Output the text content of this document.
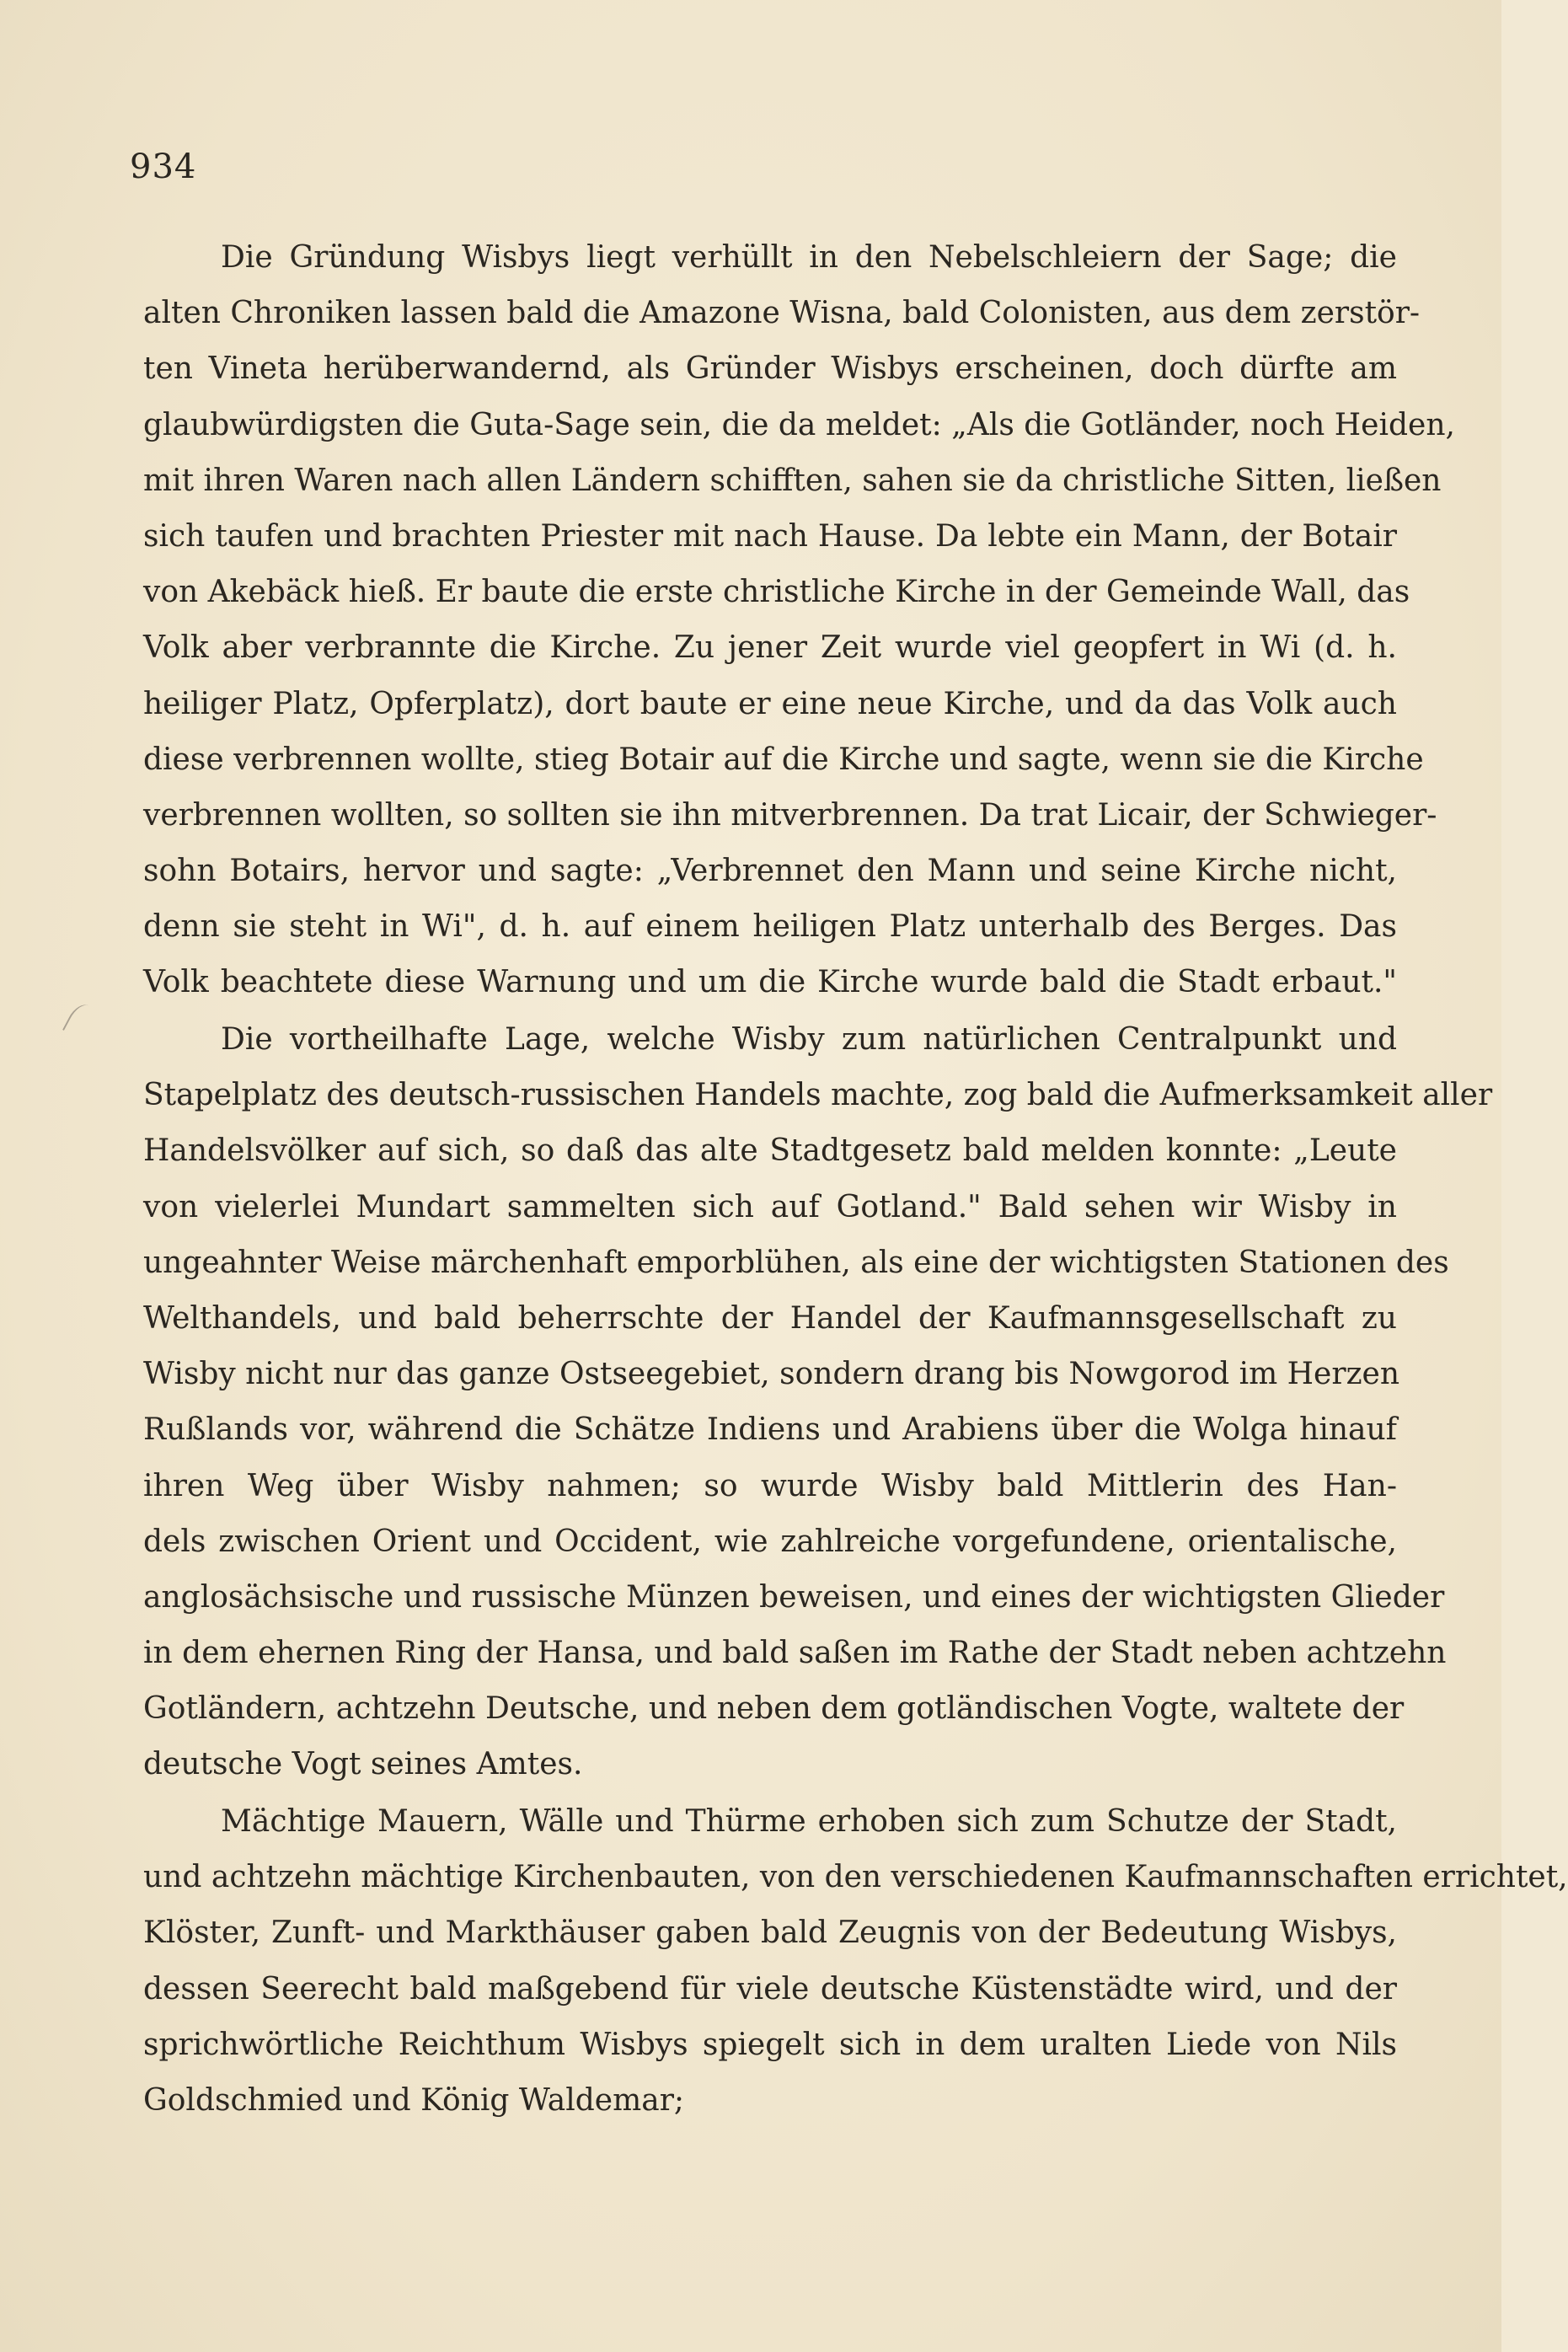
934
Die Gründung Wisbys liegt verhüllt in den Nebelschleiern der Sage; die
alten Chroniken lassen bald die Amazone Wisna, bald Colonisten, aus dem zerstör-
ten Vineta herüberwandernd, als Gründer Wisbys erscheinen, doch dürfte am
glaubwürdigsten die Guta-Sage sein, die da meldet: „Als die Gotländer, noch Heiden,
mit ihren Waren nach allen Ländern schifften, sahen sie da christliche Sitten, ließen
sich taufen und brachten Priester mit nach Hause. Da lebte ein Mann, der Botair
von Akebäck hieß. Er baute die erste christliche Kirche in der Gemeinde Wall, das
Volk aber verbrannte die Kirche. Zu jener Zeit wurde viel geopfert in Wi (d. h.
heiliger Platz, Opferplatz), dort baute er eine neue Kirche, und da das Volk auch
diese verbrennen wollte, stieg Botair auf die Kirche und sagte, wenn sie die Kirche
verbrennen wollten, so sollten sie ihn mitverbrennen. Da trat Licair, der Schwieger-
sohn Botairs, hervor und sagte: „Verbrennet den Mann und seine Kirche nicht,
denn sie steht in Wi", d. h. auf einem heiligen Platz unterhalb des Berges. Das
Volk beachtete diese Warnung und um die Kirche wurde bald die Stadt erbaut."
Die vortheilhafte Lage, welche Wisby zum natürlichen Centralpunkt und
Stapelplatz des deutsch-russischen Handels machte, zog bald die Aufmerksamkeit aller
Handelsvölker auf sich, so daß das alte Stadtgesetz bald melden konnte: „Leute
von vielerlei Mundart sammelten sich auf Gotland." Bald sehen wir Wisby in
ungeahnter Weise märchenhaft emporblühen, als eine der wichtigsten Stationen des
Welthandels, und bald beherrschte der Handel der Kaufmannsgesellschaft zu
Wisby nicht nur das ganze Ostseegebiet, sondern drang bis Nowgorod im Herzen
Rußlands vor, während die Schätze Indiens und Arabiens über die Wolga hinauf
ihren Weg über Wisby nahmen; so wurde Wisby bald Mittlerin des Han-
dels zwischen Orient und Occident, wie zahlreiche vorgefundene, orientalische,
anglosächsische und russische Münzen beweisen, und eines der wichtigsten Glieder
in dem ehernen Ring der Hansa, und bald saßen im Rathe der Stadt neben achtzehn
Gotländern, achtzehn Deutsche, und neben dem gotländischen Vogte, waltete der
deutsche Vogt seines Amtes.
Mächtige Mauern, Wälle und Thürme erhoben sich zum Schutze der Stadt,
und achtzehn mächtige Kirchenbauten, von den verschiedenen Kaufmannschaften errichtet,
Klöster, Zunft- und Markthäuser gaben bald Zeugnis von der Bedeutung Wisbys,
dessen Seerecht bald maßgebend für viele deutsche Küstenstädte wird, und der
sprichwörtliche Reichthum Wisbys spiegelt sich in dem uralten Liede von Nils
Goldschmied und König Waldemar;
